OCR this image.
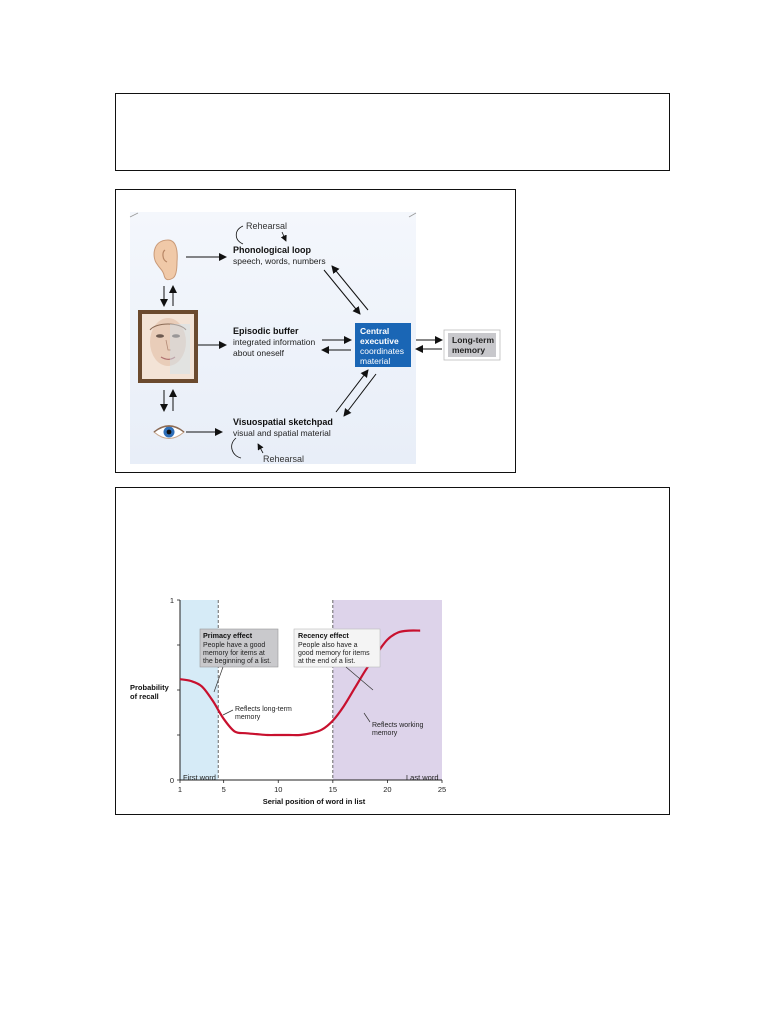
Rehearsal
Phonological loop
speech, words, numbers
Episodic buffer
integrated information
about oneself
Visuospatial sketchpad
visual and spatial material
Rehearsal
Central
executive
coordinates
material
Long-term
memory
1	5	10	15	20	25
0
1
Probability
of recall
Serial position of word in list
First word	Last word
Primacy effect
People have a good
memory for items at
the beginning of a list.
Recency effect
People also have a
good memory for items
at the end of a list.
Reflects long-term
memory
Reflects working
memory
